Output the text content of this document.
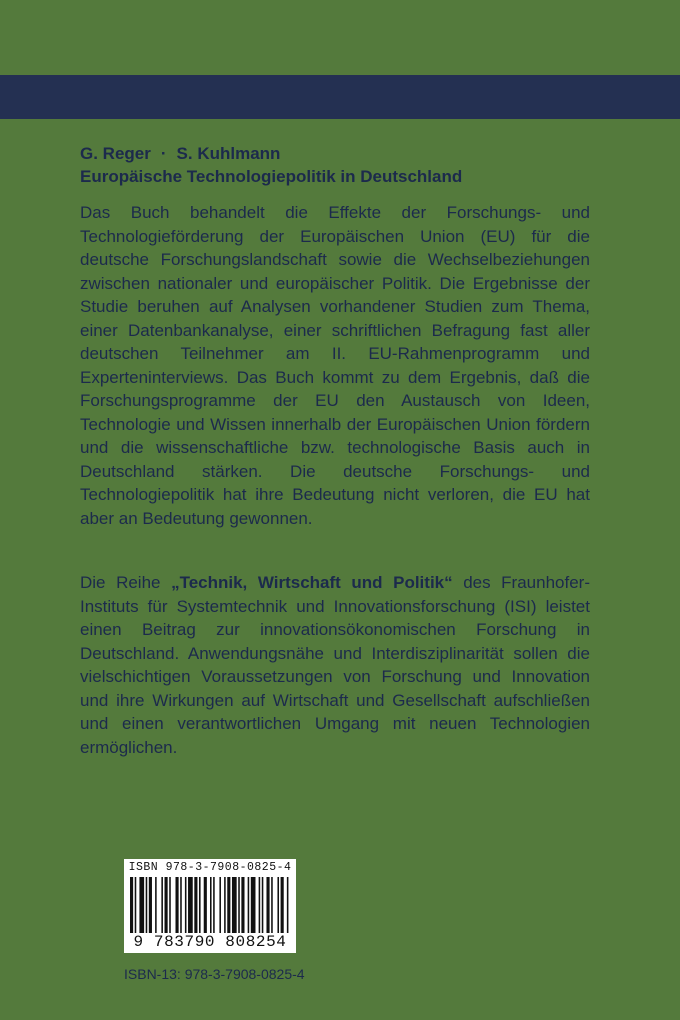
G. Reger · S. Kuhlmann
Europäische Technologiepolitik in Deutschland

Das Buch behandelt die Effekte der Forschungs- und Technologieförderung der Europäischen Union (EU) für die deutsche Forschungslandschaft sowie die Wechselbeziehungen zwischen nationaler und europäischer Politik. Die Ergebnisse der Studie beruhen auf Analysen vorhandener Studien zum Thema, einer Datenbankanalyse, einer schriftlichen Befragung fast aller deutschen Teilnehmer am II. EU-Rahmenprogramm und Experteninterviews. Das Buch kommt zu dem Ergebnis, daß die Forschungsprogramme der EU den Austausch von Ideen, Technologie und Wissen innerhalb der Europäischen Union fördern und die wissenschaftliche bzw. technologische Basis auch in Deutschland stärken. Die deutsche Forschungs- und Technologiepolitik hat ihre Bedeutung nicht verloren, die EU hat aber an Bedeutung gewonnen.

Die Reihe „Technik, Wirtschaft und Politik“ des Fraunhofer-Instituts für Systemtechnik und Innovationsforschung (ISI) leistet einen Beitrag zur innovationsökonomischen Forschung in Deutschland. Anwendungsnähe und Interdisziplinarität sollen die vielschichtigen Voraussetzungen von Forschung und Innovation und ihre Wirkungen auf Wirtschaft und Gesellschaft aufschließen und einen verantwortlichen Umgang mit neuen Technologien ermöglichen.

ISBN 978-3-7908-0825-4
9 783790 808254
ISBN-13: 978-3-7908-0825-4
